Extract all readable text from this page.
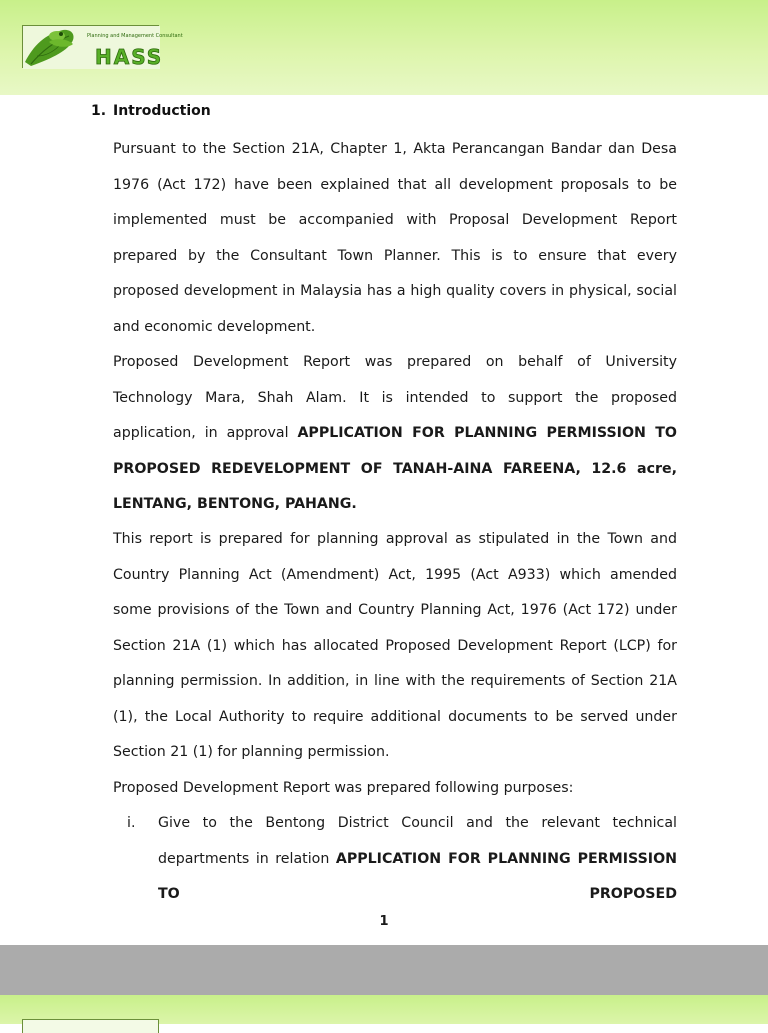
Planning and Management Consultant
HASS
1. Introduction
Pursuant to the Section 21A, Chapter 1, Akta Perancangan Bandar dan Desa 1976 (Act 172) have been explained that all development proposals to be implemented must be accompanied with Proposal Development Report prepared by the Consultant Town Planner. This is to ensure that every proposed development in Malaysia has a high quality covers in physical, social and economic development.
Proposed Development Report was prepared on behalf of University Technology Mara, Shah Alam. It is intended to support the proposed application, in approval APPLICATION FOR PLANNING PERMISSION TO PROPOSED REDEVELOPMENT OF TANAH-AINA FAREENA, 12.6 acre, LENTANG, BENTONG, PAHANG.
This report is prepared for planning approval as stipulated in the Town and Country Planning Act (Amendment) Act, 1995 (Act A933) which amended some provisions of the Town and Country Planning Act, 1976 (Act 172) under Section 21A (1) which has allocated Proposed Development Report (LCP) for planning permission. In addition, in line with the requirements of Section 21A (1), the Local Authority to require additional documents to be served under Section 21 (1) for planning permission.
Proposed Development Report was prepared following purposes:
i. Give to the Bentong District Council and the relevant technical departments in relation APPLICATION FOR PLANNING PERMISSION TO PROPOSED
1
